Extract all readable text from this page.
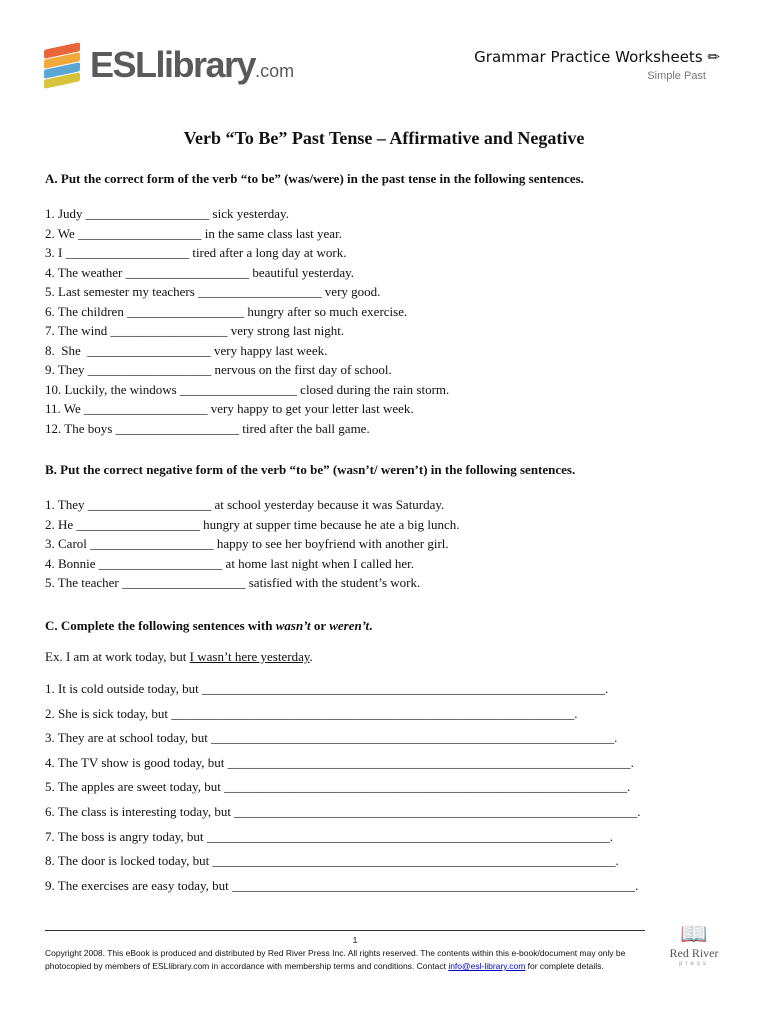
ESLlibrary.com
Grammar Practice Worksheets ✏
Simple Past
Verb “To Be” Past Tense – Affirmative and Negative
A. Put the correct form of the verb “to be” (was/were) in the past tense in the following sentences.
1. Judy ___________________ sick yesterday.
2. We ___________________ in the same class last year.
3. I ___________________ tired after a long day at work.
4. The weather ___________________ beautiful yesterday.
5. Last semester my teachers ___________________ very good.
6. The children __________________ hungry after so much exercise.
7. The wind __________________ very strong last night.
8.  She  ___________________ very happy last week.
9. They ___________________ nervous on the first day of school.
10. Luckily, the windows __________________ closed during the rain storm.
11. We ___________________ very happy to get your letter last week.
12. The boys ___________________ tired after the ball game.
B. Put the correct negative form of the verb “to be” (wasn’t/ weren’t) in the following sentences.
1. They ___________________ at school yesterday because it was Saturday.
2. He ___________________ hungry at supper time because he ate a big lunch.
3. Carol ___________________ happy to see her boyfriend with another girl.
4. Bonnie ___________________ at home last night when I called her.
5. The teacher ___________________ satisfied with the student’s work.
C. Complete the following sentences with wasn’t or weren’t.
Ex. I am at work today, but I wasn’t here yesterday.
1. It is cold outside today, but ______________________________________________________________.
2. She is sick today, but ______________________________________________________________.
3. They are at school today, but ______________________________________________________________.
4. The TV show is good today, but ______________________________________________________________.
5. The apples are sweet today, but ______________________________________________________________.
6. The class is interesting today, but ______________________________________________________________.
7. The boss is angry today, but ______________________________________________________________.
8. The door is locked today, but ______________________________________________________________.
9. The exercises are easy today, but ______________________________________________________________.
1
Copyright 2008. This eBook is produced and distributed by Red River Press Inc. All rights reserved. The contents within this e-book/document may only be
photocopied by members of ESLlibrary.com in accordance with membership terms and conditions. Contact info@esl-library.com for complete details.
📖
Red River
press
